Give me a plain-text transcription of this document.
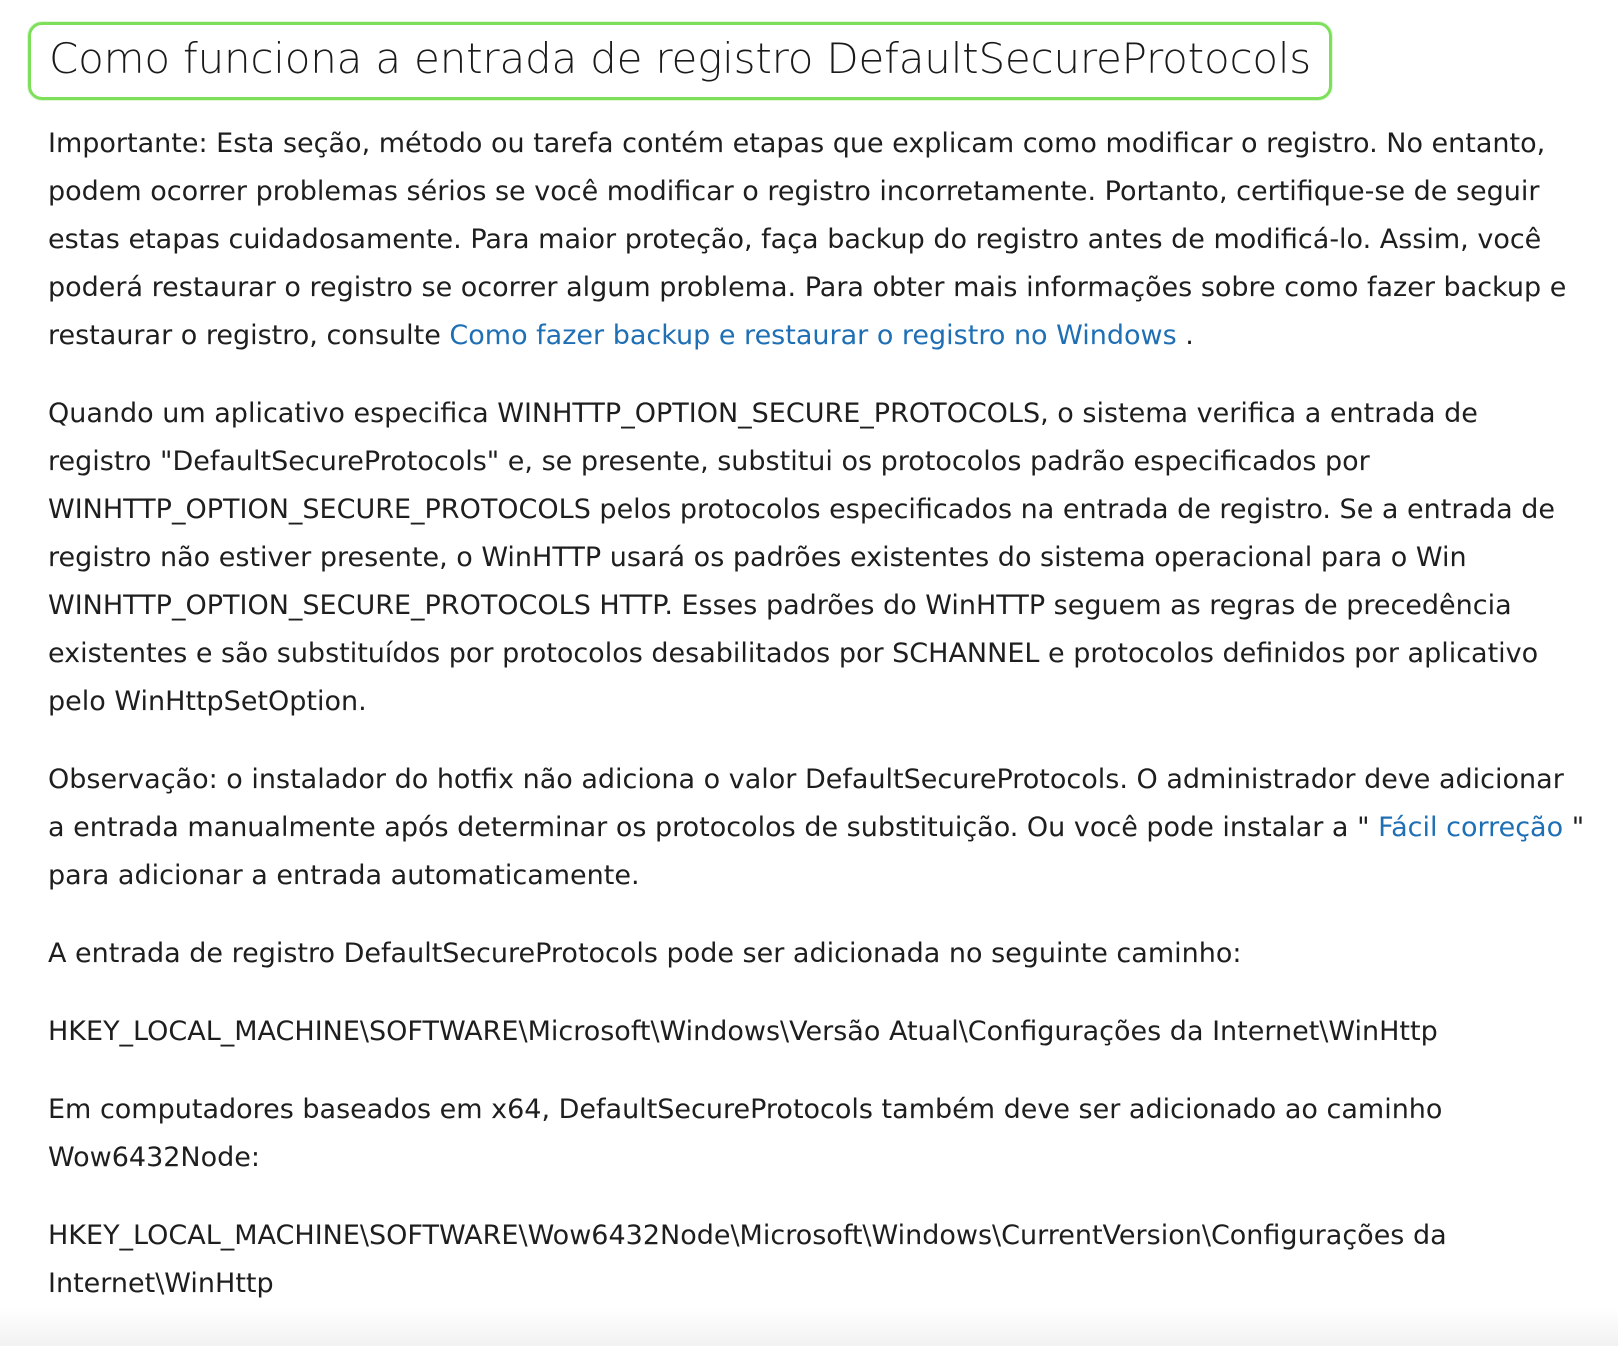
Como funciona a entrada de registro DefaultSecureProtocols

Importante: Esta seção, método ou tarefa contém etapas que explicam como modificar o registro. No entanto, podem ocorrer problemas sérios se você modificar o registro incorretamente. Portanto, certifique-se de seguir estas etapas cuidadosamente. Para maior proteção, faça backup do registro antes de modificá-lo. Assim, você poderá restaurar o registro se ocorrer algum problema. Para obter mais informações sobre como fazer backup e restaurar o registro, consulte Como fazer backup e restaurar o registro no Windows .

Quando um aplicativo especifica WINHTTP_OPTION_SECURE_PROTOCOLS, o sistema verifica a entrada de registro "DefaultSecureProtocols" e, se presente, substitui os protocolos padrão especificados por WINHTTP_OPTION_SECURE_PROTOCOLS pelos protocolos especificados na entrada de registro. Se a entrada de registro não estiver presente, o WinHTTP usará os padrões existentes do sistema operacional para o Win WINHTTP_OPTION_SECURE_PROTOCOLS HTTP. Esses padrões do WinHTTP seguem as regras de precedência existentes e são substituídos por protocolos desabilitados por SCHANNEL e protocolos definidos por aplicativo pelo WinHttpSetOption.

Observação: o instalador do hotfix não adiciona o valor DefaultSecureProtocols. O administrador deve adicionar a entrada manualmente após determinar os protocolos de substituição. Ou você pode instalar a " Fácil correção " para adicionar a entrada automaticamente.

A entrada de registro DefaultSecureProtocols pode ser adicionada no seguinte caminho:

HKEY_LOCAL_MACHINE\SOFTWARE\Microsoft\Windows\Versão Atual\Configurações da Internet\WinHttp

Em computadores baseados em x64, DefaultSecureProtocols também deve ser adicionado ao caminho Wow6432Node:

HKEY_LOCAL_MACHINE\SOFTWARE\Wow6432Node\Microsoft\Windows\CurrentVersion\Configurações da Internet\WinHttp
